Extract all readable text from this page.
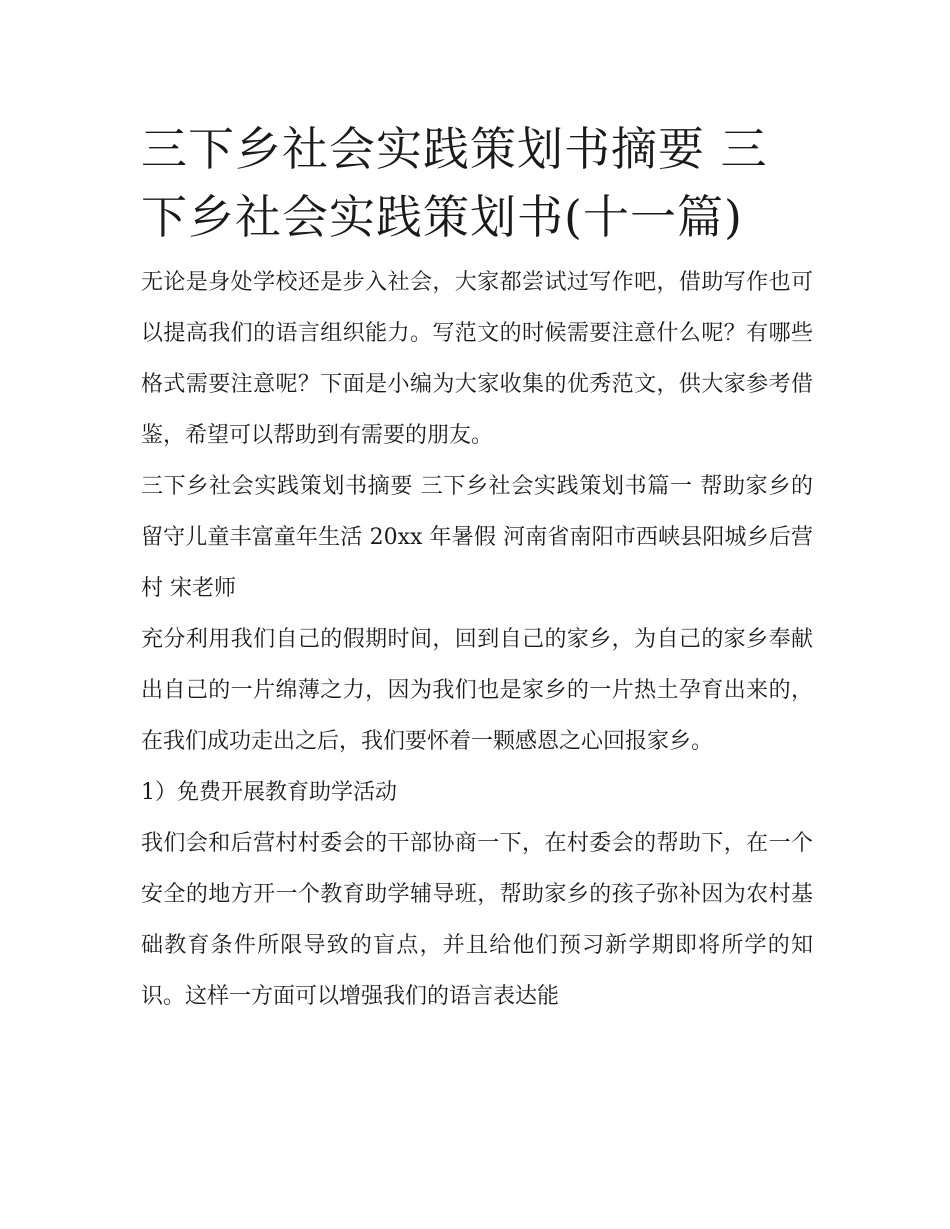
三下乡社会实践策划书摘要 三下乡社会实践策划书(十一篇)

无论是身处学校还是步入社会，大家都尝试过写作吧，借助写作也可以提高我们的语言组织能力。写范文的时候需要注意什么呢？有哪些格式需要注意呢？下面是小编为大家收集的优秀范文，供大家参考借鉴，希望可以帮助到有需要的朋友。

三下乡社会实践策划书摘要 三下乡社会实践策划书篇一 帮助家乡的留守儿童丰富童年生活 20xx 年暑假 河南省南阳市西峡县阳城乡后营村 宋老师

充分利用我们自己的假期时间，回到自己的家乡，为自己的家乡奉献出自己的一片绵薄之力，因为我们也是家乡的一片热土孕育出来的，在我们成功走出之后，我们要怀着一颗感恩之心回报家乡。

1）免费开展教育助学活动

我们会和后营村村委会的干部协商一下，在村委会的帮助下，在一个安全的地方开一个教育助学辅导班，帮助家乡的孩子弥补因为农村基础教育条件所限导致的盲点，并且给他们预习新学期即将所学的知识。这样一方面可以增强我们的语言表达能
